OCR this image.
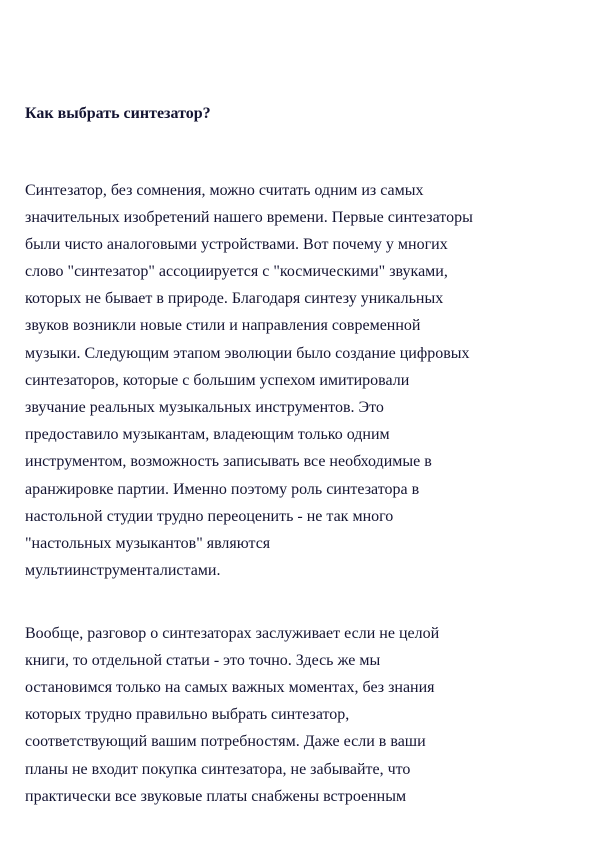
Как выбрать синтезатор?

Синтезатор, без сомнения, можно считать одним из самых

значительных изобретений нашего времени. Первые синтезаторы

были чисто аналоговыми устройствами. Вот почему у многих

слово "синтезатор" ассоциируется с "космическими" звуками,

которых не бывает в природе. Благодаря синтезу уникальных

звуков возникли новые стили и направления современной

музыки. Следующим этапом эволюции было создание цифровых

синтезаторов, которые с большим успехом имитировали

звучание реальных музыкальных инструментов. Это

предоставило музыкантам, владеющим только одним

инструментом, возможность записывать все необходимые в

аранжировке партии. Именно поэтому роль синтезатора в

настольной студии трудно переоценить - не так много

"настольных музыкантов" являются

мультиинструменталистами.

Вообще, разговор о синтезаторах заслуживает если не целой

книги, то отдельной статьи - это точно. Здесь же мы

остановимся только на самых важных моментах, без знания

которых трудно правильно выбрать синтезатор,

соответствующий вашим потребностям. Даже если в ваши

планы не входит покупка синтезатора, не забывайте, что

практически все звуковые платы снабжены встроенным
